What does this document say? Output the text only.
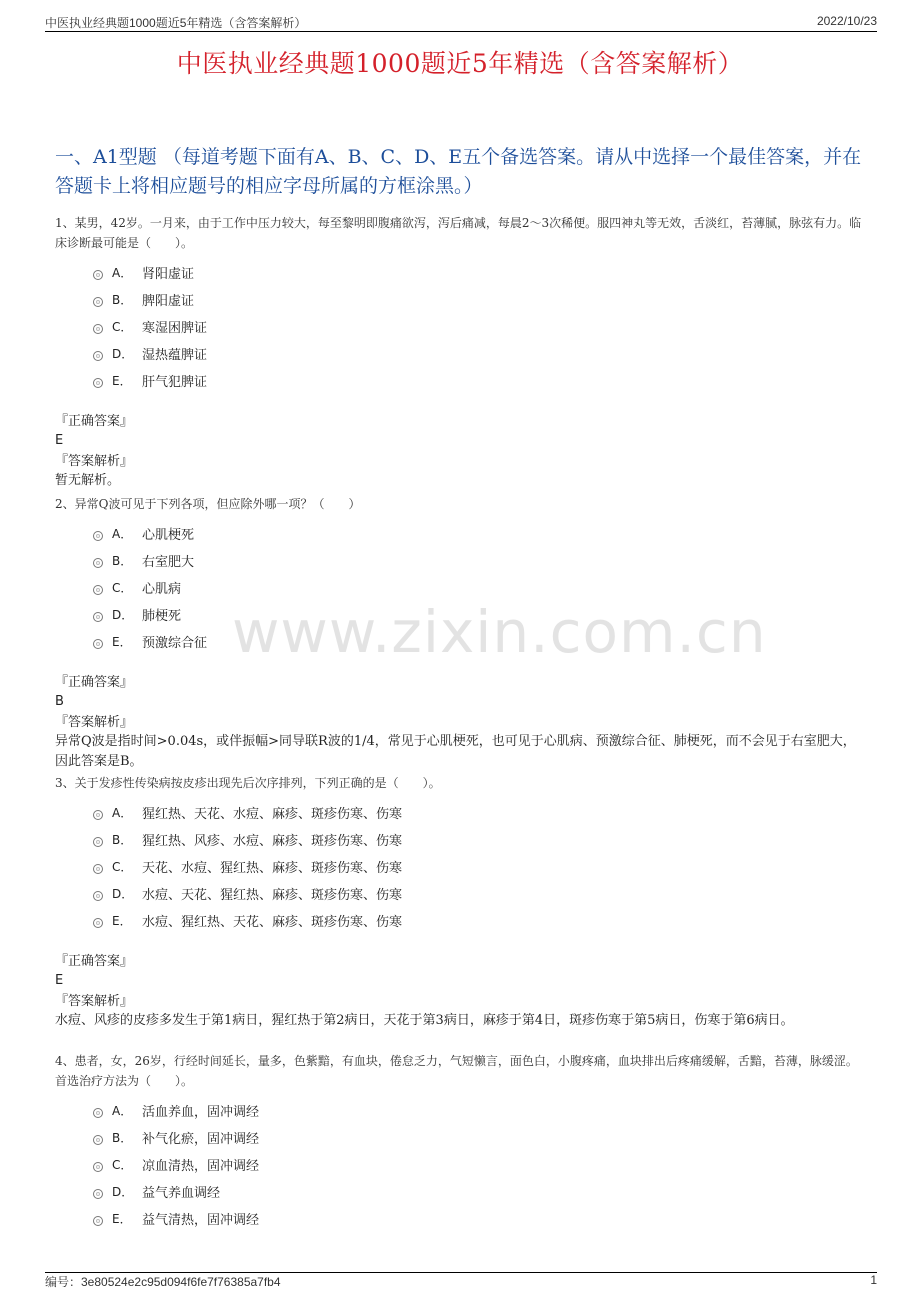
中医执业经典题1000题近5年精选（含答案解析）	2022/10/23
www.zixin.com.cn
中医执业经典题1000题近5年精选（含答案解析）
一、A1型题 （每道考题下面有A、B、C、D、E五个备选答案。请从中选择一个最佳答案，并在答题卡上将相应题号的相应字母所属的方框涂黑。）

1、某男，42岁。一月来，由于工作中压力较大，每至黎明即腹痛欲泻，泻后痛减，每晨2～3次稀便。服四神丸等无效，舌淡红，苔薄腻，脉弦有力。临床诊断最可能是（　　）。

A． 肾阳虚证
B． 脾阳虚证
C． 寒湿困脾证
D． 湿热蕴脾证
E． 肝气犯脾证

『正确答案』

E

『答案解析』

暂无解析。

2、异常Q波可见于下列各项，但应除外哪一项？（　　）

A． 心肌梗死
B． 右室肥大
C． 心肌病
D． 肺梗死
E． 预激综合征

『正确答案』

B

『答案解析』

异常Q波是指时间>0.04s，或伴振幅>同导联R波的1/4，常见于心肌梗死，也可见于心肌病、预激综合征、肺梗死，而不会见于右室肥大，因此答案是B。

3、关于发疹性传染病按皮疹出现先后次序排列，下列正确的是（　　）。

A． 猩红热、天花、水痘、麻疹、斑疹伤寒、伤寒
B． 猩红热、风疹、水痘、麻疹、斑疹伤寒、伤寒
C． 天花、水痘、猩红热、麻疹、斑疹伤寒、伤寒
D． 水痘、天花、猩红热、麻疹、斑疹伤寒、伤寒
E． 水痘、猩红热、天花、麻疹、斑疹伤寒、伤寒

『正确答案』

E

『答案解析』

水痘、风疹的皮疹多发生于第1病日，猩红热于第2病日，天花于第3病日，麻疹于第4日，斑疹伤寒于第5病日，伤寒于第6病日。

4、患者，女，26岁，行经时间延长，量多，色紫黯，有血块，倦怠乏力，气短懒言，面色白，小腹疼痛，血块排出后疼痛缓解，舌黯，苔薄，脉缓涩。首选治疗方法为（　　）。

A． 活血养血，固冲调经
B． 补气化瘀，固冲调经
C． 凉血清热，固冲调经
D． 益气养血调经
E． 益气清热，固冲调经
编号：3e80524e2c95d094f6fe7f76385a7fb4	1
